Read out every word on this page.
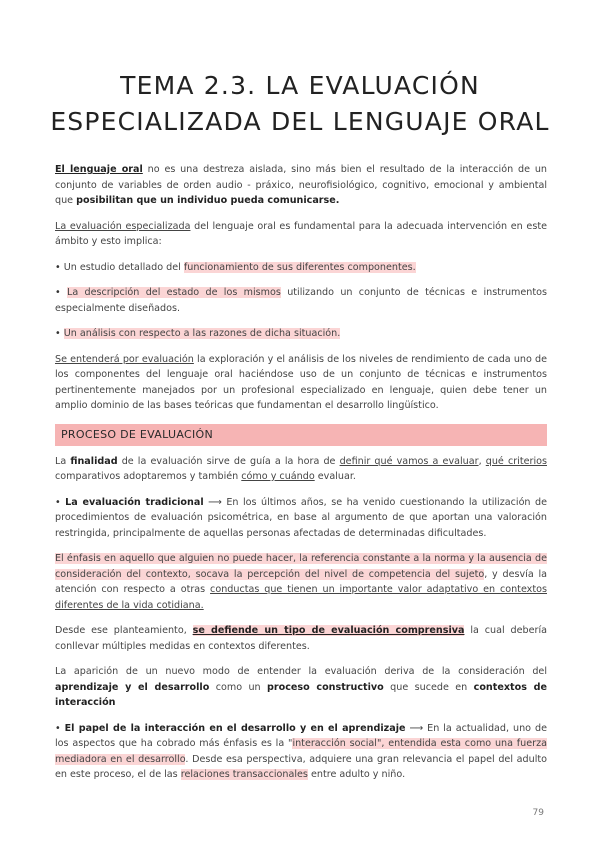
TEMA 2.3. LA EVALUACIÓN ESPECIALIZADA DEL LENGUAJE ORAL

El lenguaje oral no es una destreza aislada, sino más bien el resultado de la interacción de un conjunto de variables de orden audio - práxico, neurofisiológico, cognitivo, emocional y ambiental que posibilitan que un individuo pueda comunicarse.

La evaluación especializada del lenguaje oral es fundamental para la adecuada intervención en este ámbito y esto implica:

• Un estudio detallado del funcionamiento de sus diferentes componentes.

• La descripción del estado de los mismos utilizando un conjunto de técnicas e instrumentos especialmente diseñados.

• Un análisis con respecto a las razones de dicha situación.

Se entenderá por evaluación la exploración y el análisis de los niveles de rendimiento de cada uno de los componentes del lenguaje oral haciéndose uso de un conjunto de técnicas e instrumentos pertinentemente manejados por un profesional especializado en lenguaje, quien debe tener un amplio dominio de las bases teóricas que fundamentan el desarrollo lingüístico.

PROCESO DE EVALUACIÓN

La finalidad de la evaluación sirve de guía a la hora de definir qué vamos a evaluar, qué criterios comparativos adoptaremos y también cómo y cuándo evaluar.

• La evaluación tradicional ⟶ En los últimos años, se ha venido cuestionando la utilización de procedimientos de evaluación psicométrica, en base al argumento de que aportan una valoración restringida, principalmente de aquellas personas afectadas de determinadas dificultades.

El énfasis en aquello que alguien no puede hacer, la referencia constante a la norma y la ausencia de consideración del contexto, socava la percepción del nivel de competencia del sujeto, y desvía la atención con respecto a otras conductas que tienen un importante valor adaptativo en contextos diferentes de la vida cotidiana.

Desde ese planteamiento, se defiende un tipo de evaluación comprensiva la cual debería conllevar múltiples medidas en contextos diferentes.

La aparición de un nuevo modo de entender la evaluación deriva de la consideración del aprendizaje y el desarrollo como un proceso constructivo que sucede en contextos de interacción

• El papel de la interacción en el desarrollo y en el aprendizaje ⟶ En la actualidad, uno de los aspectos que ha cobrado más énfasis es la "interacción social", entendida esta como una fuerza mediadora en el desarrollo. Desde esa perspectiva, adquiere una gran relevancia el papel del adulto en este proceso, el de las relaciones transaccionales entre adulto y niño.

79
